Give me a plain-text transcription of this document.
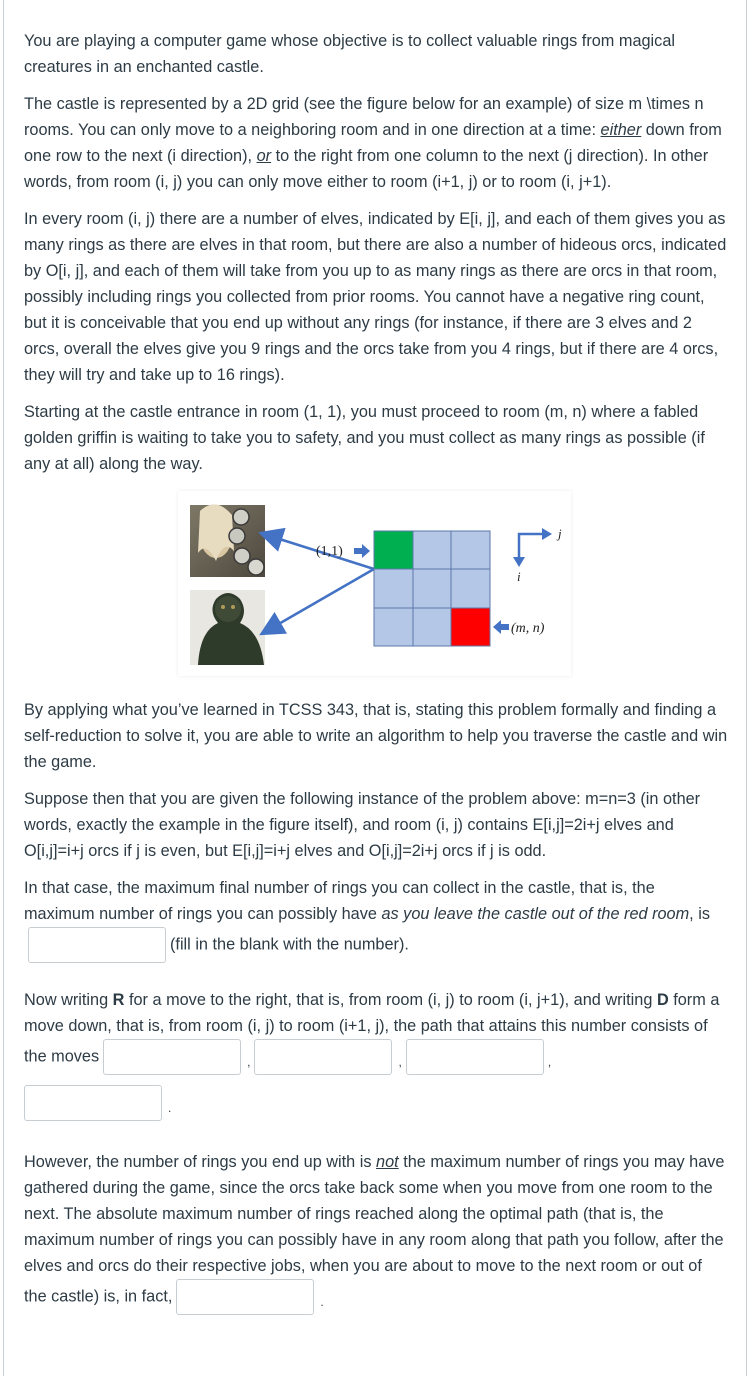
You are playing a computer game whose objective is to collect valuable rings from magical creatures in an enchanted castle.

The castle is represented by a 2D grid (see the figure below for an example) of size m \times n rooms. You can only move to a neighboring room and in one direction at a time: either down from one row to the next (i direction), or to the right from one column to the next (j direction). In other words, from room (i, j) you can only move either to room (i+1, j) or to room (i, j+1).

In every room (i, j) there are a number of elves, indicated by E[i, j], and each of them gives you as many rings as there are elves in that room, but there are also a number of hideous orcs, indicated by O[i, j], and each of them will take from you up to as many rings as there are orcs in that room, possibly including rings you collected from prior rooms. You cannot have a negative ring count, but it is conceivable that you end up without any rings (for instance, if there are 3 elves and 2 orcs, overall the elves give you 9 rings and the orcs take from you 4 rings, but if there are 4 orcs, they will try and take up to 16 rings).

Starting at the castle entrance in room (1, 1), you must proceed to room (m, n) where a fabled golden griffin is waiting to take you to safety, and you must collect as many rings as possible (if any at all) along the way.

(1,1)
(m, n)
j
i

By applying what you’ve learned in TCSS 343, that is, stating this problem formally and finding a self-reduction to solve it, you are able to write an algorithm to help you traverse the castle and win the game.

Suppose then that you are given the following instance of the problem above: m=n=3 (in other words, exactly the example in the figure itself), and room (i, j) contains E[i,j]=2i+j elves and O[i,j]=i+j orcs if j is even, but E[i,j]=i+j elves and O[i,j]=2i+j orcs if j is odd.

In that case, the maximum final number of rings you can collect in the castle, that is, the maximum number of rings you can possibly have as you leave the castle out of the red room, is(fill in the blank with the number).

Now writing R for a move to the right, that is, from room (i, j) to room (i, j+1), and writing D form a move down, that is, from room (i, j) to room (i+1, j), the path that attains this number consists of the moves	,	,	,
.

However, the number of rings you end up with is not the maximum number of rings you may have gathered during the game, since the orcs take back some when you move from one room to the next. The absolute maximum number of rings reached along the optimal path (that is, the maximum number of rings you can possibly have in any room along that path you follow, after the elves and orcs do their respective jobs, when you are about to move to the next room or out of the castle) is, in fact,	.
